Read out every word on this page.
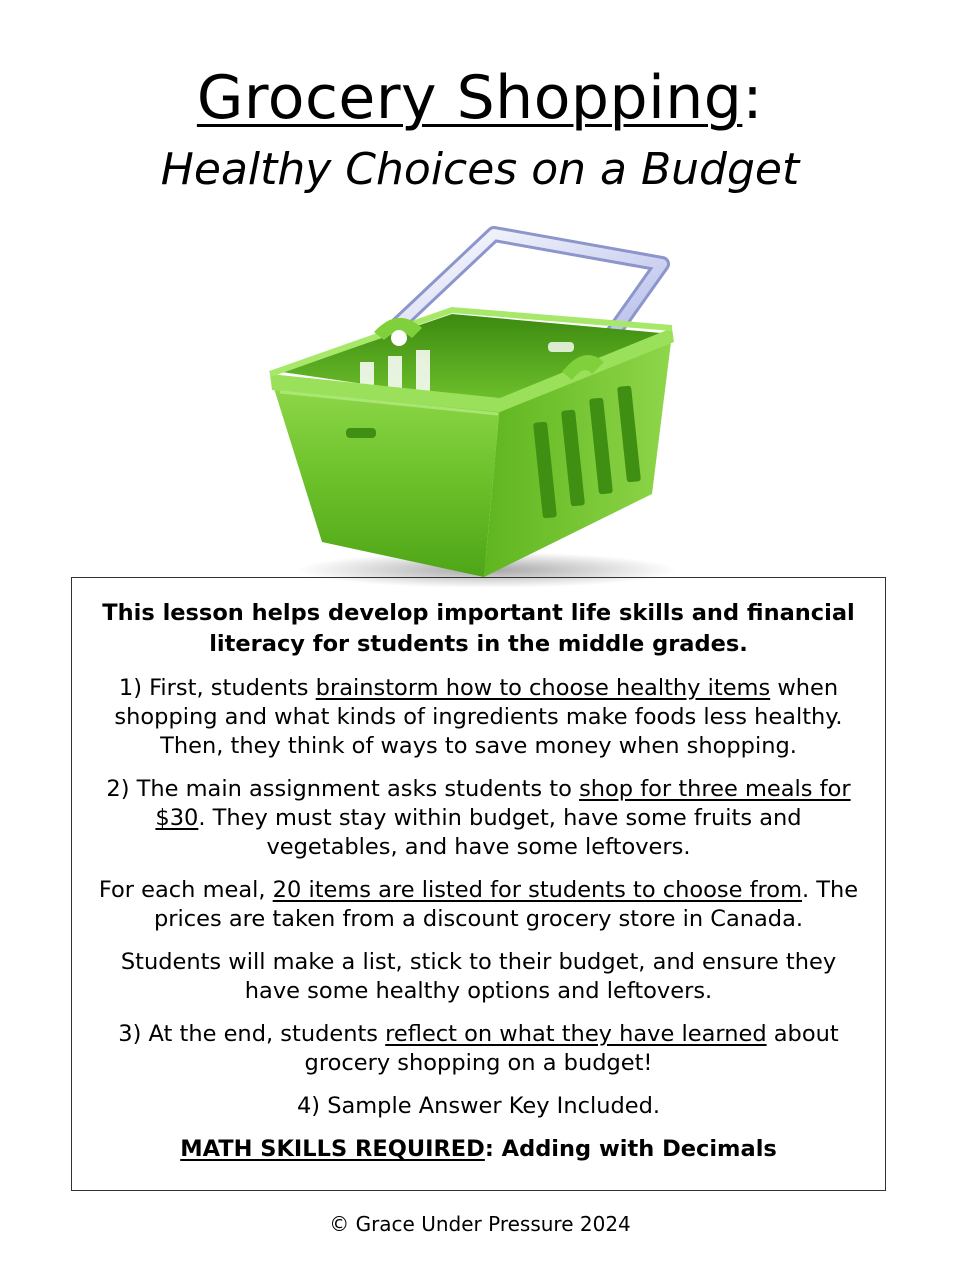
Grocery Shopping:
Healthy Choices on a Budget

This lesson helps develop important life skills and financial literacy for students in the middle grades.

1) First, students brainstorm how to choose healthy items when shopping and what kinds of ingredients make foods less healthy. Then, they think of ways to save money when shopping.

2) The main assignment asks students to shop for three meals for $30. They must stay within budget, have some fruits and vegetables, and have some leftovers.

For each meal, 20 items are listed for students to choose from. The prices are taken from a discount grocery store in Canada.

Students will make a list, stick to their budget, and ensure they have some healthy options and leftovers.

3) At the end, students reflect on what they have learned about grocery shopping on a budget!

4) Sample Answer Key Included.

MATH SKILLS REQUIRED: Adding with Decimals

© Grace Under Pressure 2024
